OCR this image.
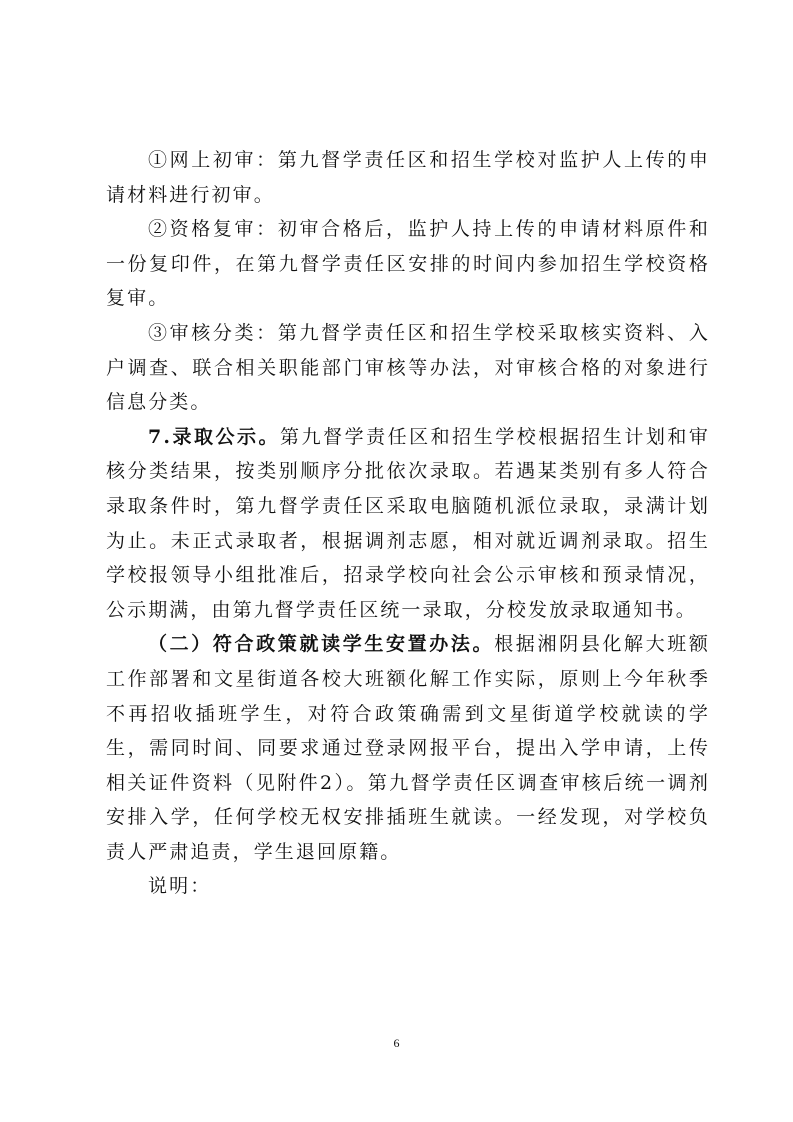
①网上初审：第九督学责任区和招生学校对监护人上传的申请材料进行初审。

②资格复审：初审合格后，监护人持上传的申请材料原件和一份复印件，在第九督学责任区安排的时间内参加招生学校资格复审。

③审核分类：第九督学责任区和招生学校采取核实资料、入户调查、联合相关职能部门审核等办法，对审核合格的对象进行信息分类。

7.录取公示。第九督学责任区和招生学校根据招生计划和审核分类结果，按类别顺序分批依次录取。若遇某类别有多人符合录取条件时，第九督学责任区采取电脑随机派位录取，录满计划为止。未正式录取者，根据调剂志愿，相对就近调剂录取。招生学校报领导小组批准后，招录学校向社会公示审核和预录情况，公示期满，由第九督学责任区统一录取，分校发放录取通知书。

（二）符合政策就读学生安置办法。根据湘阴县化解大班额工作部署和文星街道各校大班额化解工作实际，原则上今年秋季不再招收插班学生，对符合政策确需到文星街道学校就读的学生，需同时间、同要求通过登录网报平台，提出入学申请，上传相关证件资料（见附件2）。第九督学责任区调查审核后统一调剂安排入学，任何学校无权安排插班生就读。一经发现，对学校负责人严肃追责，学生退回原籍。

说明：

6
